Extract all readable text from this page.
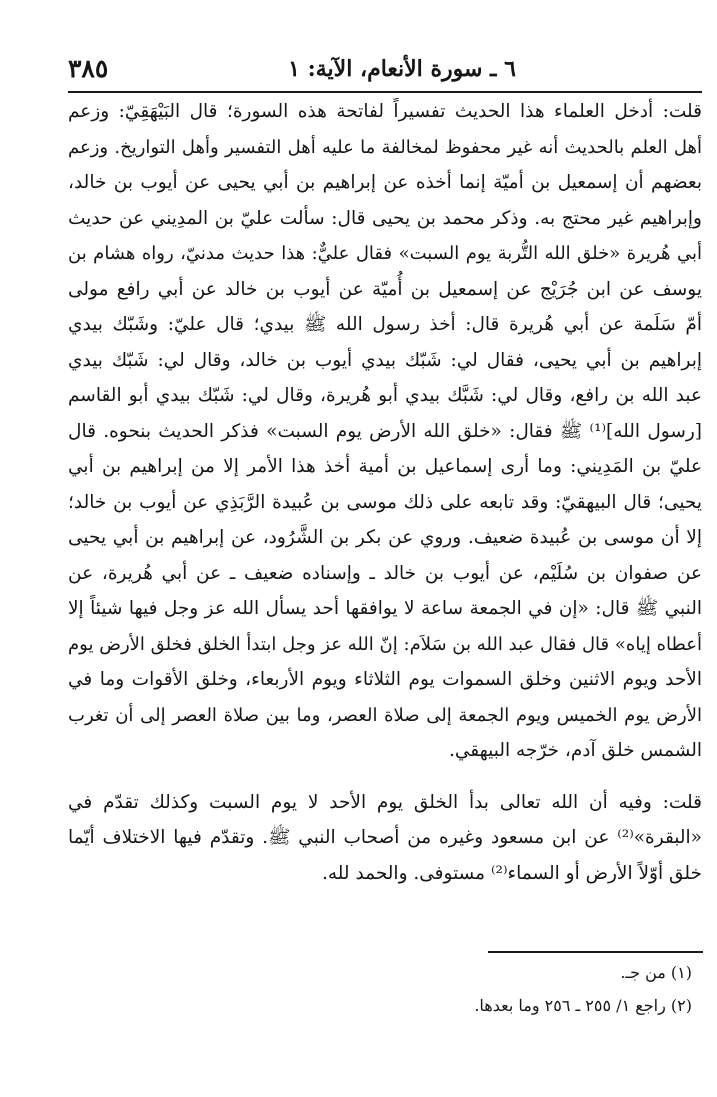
٦ ـ سورة الأنعام، الآية: ١
٣٨٥
قلت: أدخل العلماء هذا الحديث تفسيراً لفاتحة هذه السورة؛ قال البَيْهَقِيّ: وزعم
أهل العلم بالحديث أنه غير محفوظ لمخالفة ما عليه أهل التفسير وأهل التواريخ. وزعم
بعضهم أن إسمعيل بن أميّة إنما أخذه عن إبراهيم بن أبي يحيى عن أيوب بن خالد،
وإبراهيم غير محتج به. وذكر محمد بن يحيى قال: سألت عليّ بن المدِيني عن حديث
أبي هُريرة «خلق الله التُّربة يوم السبت» فقال عليٌّ: هذا حديث مدنيّ، رواه هشام بن
يوسف عن ابن جُرَيْج عن إسمعيل بن أُميّة عن أيوب بن خالد عن أبي رافع مولى
أمّ سَلَمة عن أبي هُريرة قال: أخذ رسول الله ﷺ بيدي؛ قال عليّ: وشَبّك بيدي
إبراهيم بن أبي يحيى، فقال لي: شَبّك بيدي أيوب بن خالد، وقال لي: شَبّك بيدي
عبد الله بن رافع، وقال لي: شَبَّك بيدي أبو هُريرة، وقال لي: شَبّك بيدي أبو القاسم
[رسول الله]⁽¹⁾ ﷺ فقال: «خلق الله الأرض يوم السبت» فذكر الحديث بنحوه. قال
عليّ بن المَدِيني: وما أرى إسماعيل بن أمية أخذ هذا الأمر إلا من إبراهيم بن أبي
يحيى؛ قال البيهقيّ: وقد تابعه على ذلك موسى بن عُبيدة الرَّبَذِي عن أيوب بن خالد؛
إلا أن موسى بن عُبيدة ضعيف. وروي عن بكر بن الشَّرُود، عن إبراهيم بن أبي يحيى
عن صفوان بن سُلَيْم، عن أيوب بن خالد ـ وإسناده ضعيف ـ عن أبي هُريرة، عن
النبي ﷺ قال: «إن في الجمعة ساعة لا يوافقها أحد يسأل الله عز وجل فيها شيئاً إلا
أعطاه إياه» قال فقال عبد الله بن سَلاَم: إنّ الله عز وجل ابتدأ الخلق فخلق الأرض يوم
الأحد ويوم الاثنين وخلق السموات يوم الثلاثاء ويوم الأربعاء، وخلق الأقوات وما في
الأرض يوم الخميس ويوم الجمعة إلى صلاة العصر، وما بين صلاة العصر إلى أن تغرب
الشمس خلق آدم، خرّجه البيهقي.
قلت: وفيه أن الله تعالى بدأ الخلق يوم الأحد لا يوم السبت وكذلك تقدّم في
«البقرة»⁽²⁾ عن ابن مسعود وغيره من أصحاب النبي ﷺ. وتقدّم فيها الاختلاف أيّما
خلق أوّلاً الأرض أو السماء⁽²⁾ مستوفى. والحمد لله.
(١) من جـ.
(٢) راجع ١/ ٢٥٥ ـ ٢٥٦ وما بعدها.
